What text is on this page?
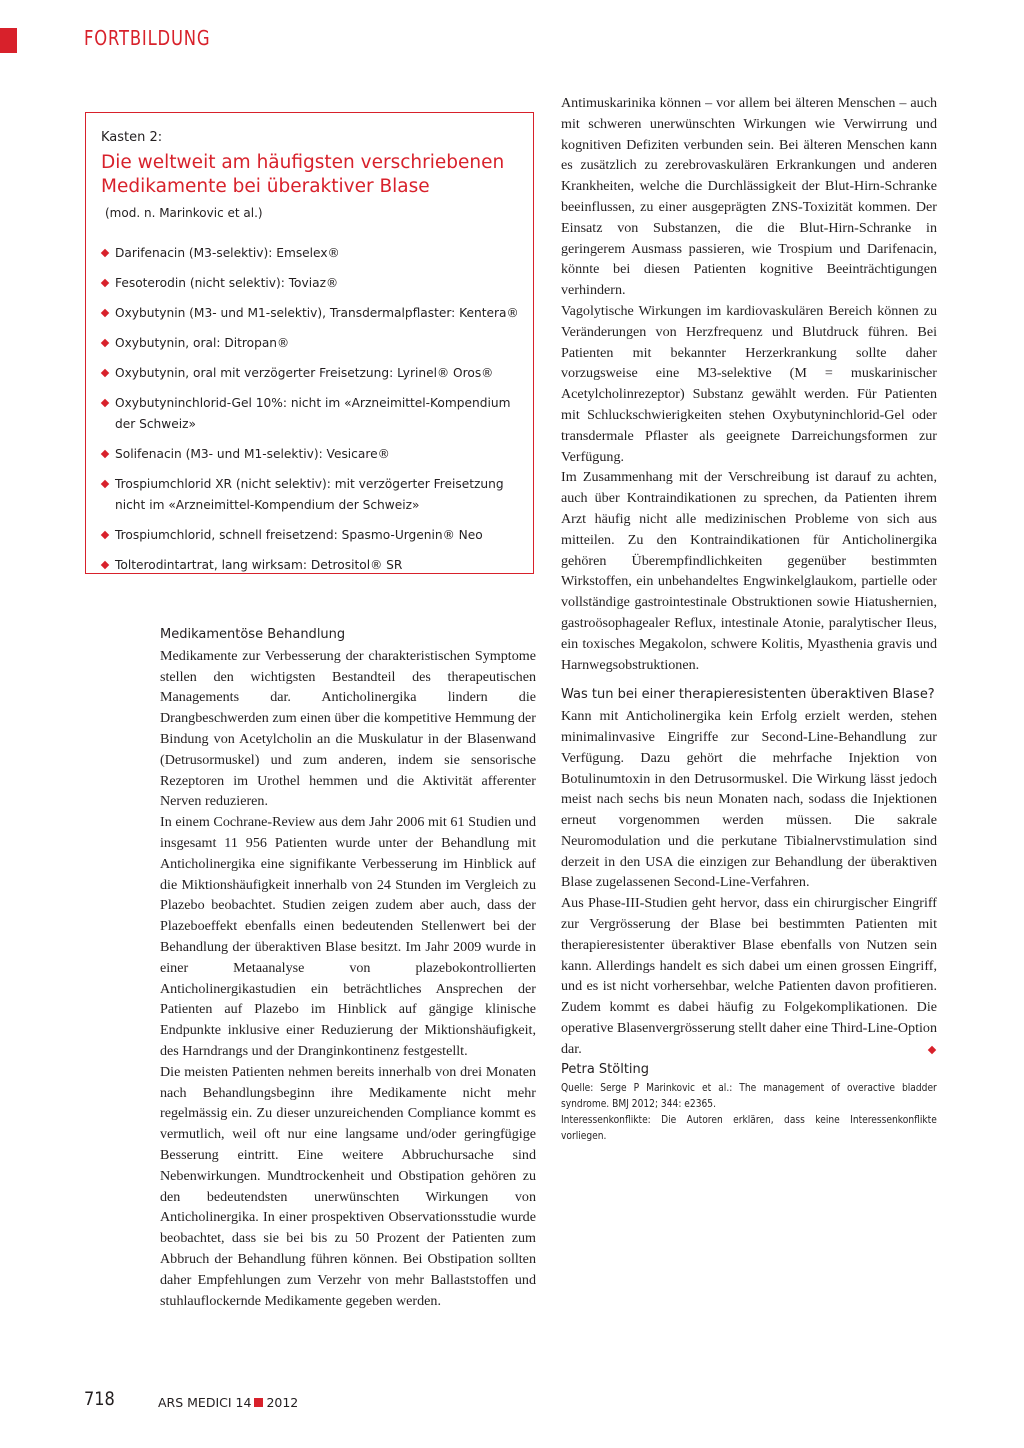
FORTBILDUNG

Kasten 2:

Die weltweit am häufigsten verschriebenen Medikamente bei überaktiver Blase

(mod. n. Marinkovic et al.)

Darifenacin (M3-selektiv): Emselex®
Fesoterodin (nicht selektiv): Toviaz®
Oxybutynin (M3- und M1-selektiv), Transdermalpflaster: Kentera®
Oxybutynin, oral: Ditropan®
Oxybutynin, oral mit verzögerter Freisetzung: Lyrinel® Oros®
Oxybutyninchlorid-Gel 10%: nicht im «Arzneimittel-Kompendium der Schweiz»
Solifenacin (M3- und M1-selektiv): Vesicare®
Trospiumchlorid XR (nicht selektiv): mit verzögerter Freisetzung nicht im «Arzneimittel-Kompendium der Schweiz»
Trospiumchlorid, schnell freisetzend: Spasmo-Urgenin® Neo
Tolterodintartrat, lang wirksam: Detrositol® SR

Medikamentöse Behandlung

Medikamente zur Verbesserung der charakteristischen Symptome stellen den wichtigsten Bestandteil des therapeutischen Managements dar. Anticholinergika lindern die Drangbeschwerden zum einen über die kompetitive Hemmung der Bindung von Acetylcholin an die Muskulatur in der Blasenwand (Detrusormuskel) und zum anderen, indem sie sensorische Rezeptoren im Urothel hemmen und die Aktivität afferenter Nerven reduzieren.

In einem Cochrane-Review aus dem Jahr 2006 mit 61 Studien und insgesamt 11 956 Patienten wurde unter der Behandlung mit Anticholinergika eine signifikante Verbesserung im Hinblick auf die Miktionshäufigkeit innerhalb von 24 Stunden im Vergleich zu Plazebo beobachtet. Studien zeigen zudem aber auch, dass der Plazeboeffekt ebenfalls einen bedeutenden Stellenwert bei der Behandlung der überaktiven Blase besitzt. Im Jahr 2009 wurde in einer Metaanalyse von plazebokontrollierten Anticholinergikastudien ein beträchtliches Ansprechen der Patienten auf Plazebo im Hinblick auf gängige klinische Endpunkte inklusive einer Reduzierung der Miktionshäufigkeit, des Harndrangs und der Dranginkontinenz festgestellt.

Die meisten Patienten nehmen bereits innerhalb von drei Monaten nach Behandlungsbeginn ihre Medikamente nicht mehr regelmässig ein. Zu dieser unzureichenden Compliance kommt es vermutlich, weil oft nur eine langsame und/oder geringfügige Besserung eintritt. Eine weitere Abbruchursache sind Nebenwirkungen. Mundtrockenheit und Obstipation gehören zu den bedeutendsten unerwünschten Wirkungen von Anticholinergika. In einer prospektiven Observationsstudie wurde beobachtet, dass sie bei bis zu 50 Prozent der Patienten zum Abbruch der Behandlung führen können. Bei Obstipation sollten daher Empfehlungen zum Verzehr von mehr Ballaststoffen und stuhlauflockernde Medikamente gegeben werden.

Antimuskarinika können – vor allem bei älteren Menschen – auch mit schweren unerwünschten Wirkungen wie Verwirrung und kognitiven Defiziten verbunden sein. Bei älteren Menschen kann es zusätzlich zu zerebrovaskulären Erkrankungen und anderen Krankheiten, welche die Durchlässigkeit der Blut-Hirn-Schranke beeinflussen, zu einer ausgeprägten ZNS-Toxizität kommen. Der Einsatz von Substanzen, die die Blut-Hirn-Schranke in geringerem Ausmass passieren, wie Trospium und Darifenacin, könnte bei diesen Patienten kognitive Beeinträchtigungen verhindern.

Vagolytische Wirkungen im kardiovaskulären Bereich können zu Veränderungen von Herzfrequenz und Blutdruck führen. Bei Patienten mit bekannter Herzerkrankung sollte daher vorzugsweise eine M3-selektive (M = muskarinischer Acetylcholinrezeptor) Substanz gewählt werden. Für Patienten mit Schluckschwierigkeiten stehen Oxybutyninchlorid-Gel oder transdermale Pflaster als geeignete Darreichungsformen zur Verfügung.

Im Zusammenhang mit der Verschreibung ist darauf zu achten, auch über Kontraindikationen zu sprechen, da Patienten ihrem Arzt häufig nicht alle medizinischen Probleme von sich aus mitteilen. Zu den Kontraindikationen für Anticholinergika gehören Überempfindlichkeiten gegenüber bestimmten Wirkstoffen, ein unbehandeltes Engwinkelglaukom, partielle oder vollständige gastrointestinale Obstruktionen sowie Hiatushernien, gastroösophagealer Reflux, intestinale Atonie, paralytischer Ileus, ein toxisches Megakolon, schwere Kolitis, Myasthenia gravis und Harnwegsobstruktionen.

Was tun bei einer therapieresistenten überaktiven Blase?

Kann mit Anticholinergika kein Erfolg erzielt werden, stehen minimalinvasive Eingriffe zur Second-Line-Behandlung zur Verfügung. Dazu gehört die mehrfache Injektion von Botulinumtoxin in den Detrusormuskel. Die Wirkung lässt jedoch meist nach sechs bis neun Monaten nach, sodass die Injektionen erneut vorgenommen werden müssen. Die sakrale Neuromodulation und die perkutane Tibialnervstimulation sind derzeit in den USA die einzigen zur Behandlung der überaktiven Blase zugelassenen Second-Line-Verfahren.

Aus Phase-III-Studien geht hervor, dass ein chirurgischer Eingriff zur Vergrösserung der Blase bei bestimmten Patienten mit therapieresistenter überaktiver Blase ebenfalls von Nutzen sein kann. Allerdings handelt es sich dabei um einen grossen Eingriff, und es ist nicht vorhersehbar, welche Patienten davon profitieren. Zudem kommt es dabei häufig zu Folgekomplikationen. Die operative Blasenvergrösserung stellt daher eine Third-Line-Option dar.

Petra Stölting

Quelle: Serge P Marinkovic et al.: The management of overactive bladder syndrome. BMJ 2012; 344: e2365.

Interessenkonflikte: Die Autoren erklären, dass keine Interessenkonflikte vorliegen.

718	ARS MEDICI 14 2012
